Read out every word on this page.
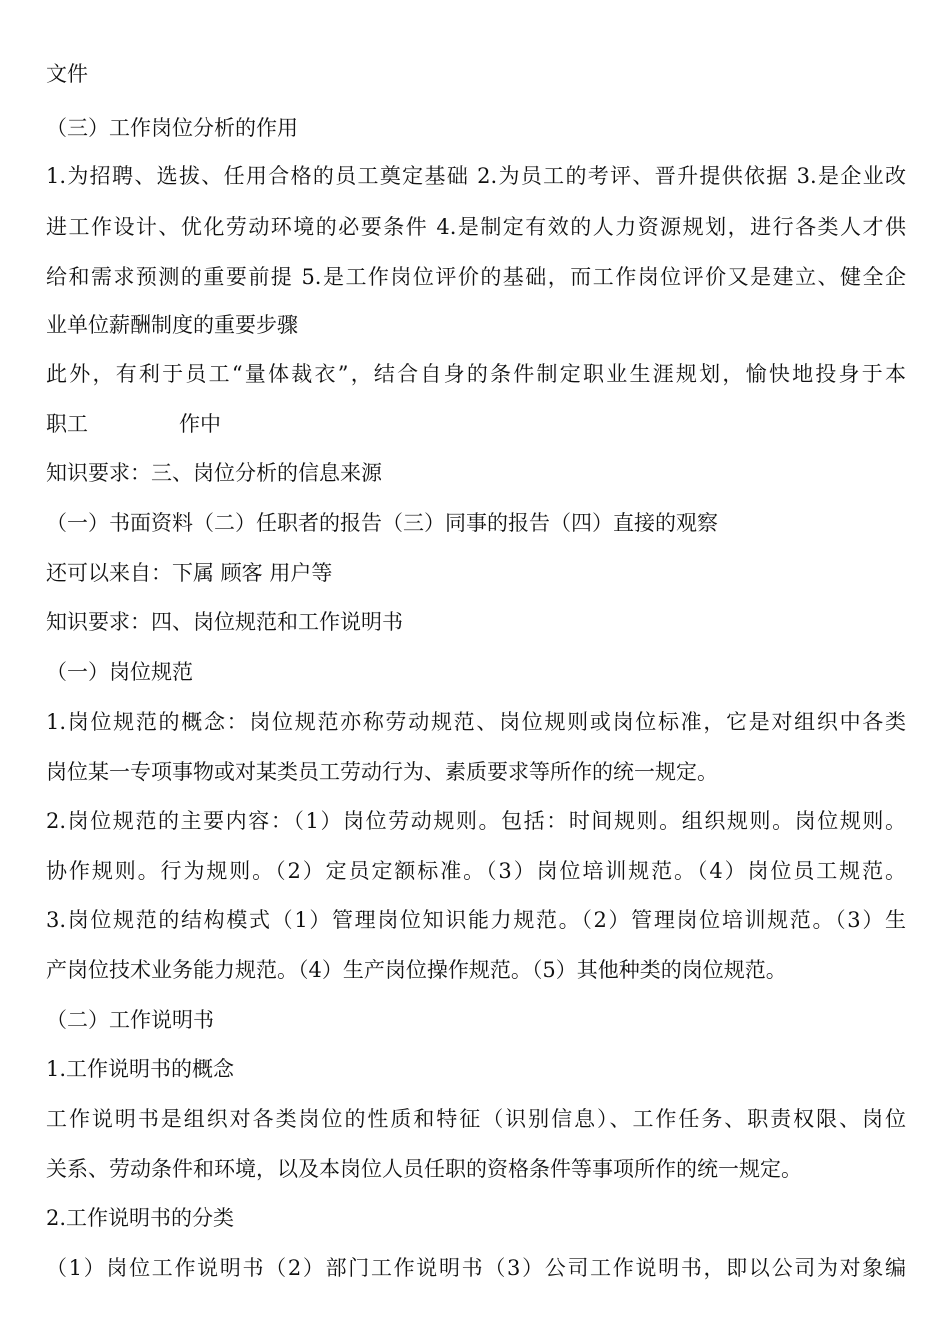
文件
（三）工作岗位分析的作用
1.为招聘、选拔、任用合格的员工奠定基础 2.为员工的考评、晋升提供依据 3.是企业改
进工作设计、优化劳动环境的必要条件 4.是制定有效的人力资源规划，进行各类人才供
给和需求预测的重要前提 5.是工作岗位评价的基础，而工作岗位评价又是建立、健全企
业单位薪酬制度的重要步骤
此外，有利于员工“量体裁衣”，结合自身的条件制定职业生涯规划，愉快地投身于本
职工	作中
知识要求：三、岗位分析的信息来源
（一）书面资料（二）任职者的报告（三）同事的报告（四）直接的观察
还可以来自：下属 顾客 用户等
知识要求：四、岗位规范和工作说明书
（一）岗位规范
1.岗位规范的概念：岗位规范亦称劳动规范、岗位规则或岗位标准，它是对组织中各类
岗位某一专项事物或对某类员工劳动行为、素质要求等所作的统一规定。
2.岗位规范的主要内容：（1）岗位劳动规则。包括：时间规则。组织规则。岗位规则。
协作规则。行为规则。（2）定员定额标准。（3）岗位培训规范。（4）岗位员工规范。
3.岗位规范的结构模式（1）管理岗位知识能力规范。（2）管理岗位培训规范。（3）生
产岗位技术业务能力规范。（4）生产岗位操作规范。（5）其他种类的岗位规范。
（二）工作说明书
1.工作说明书的概念
工作说明书是组织对各类岗位的性质和特征（识别信息）、工作任务、职责权限、岗位
关系、劳动条件和环境，以及本岗位人员任职的资格条件等事项所作的统一规定。
2.工作说明书的分类
（1）岗位工作说明书（2）部门工作说明书（3）公司工作说明书，即以公司为对象编
